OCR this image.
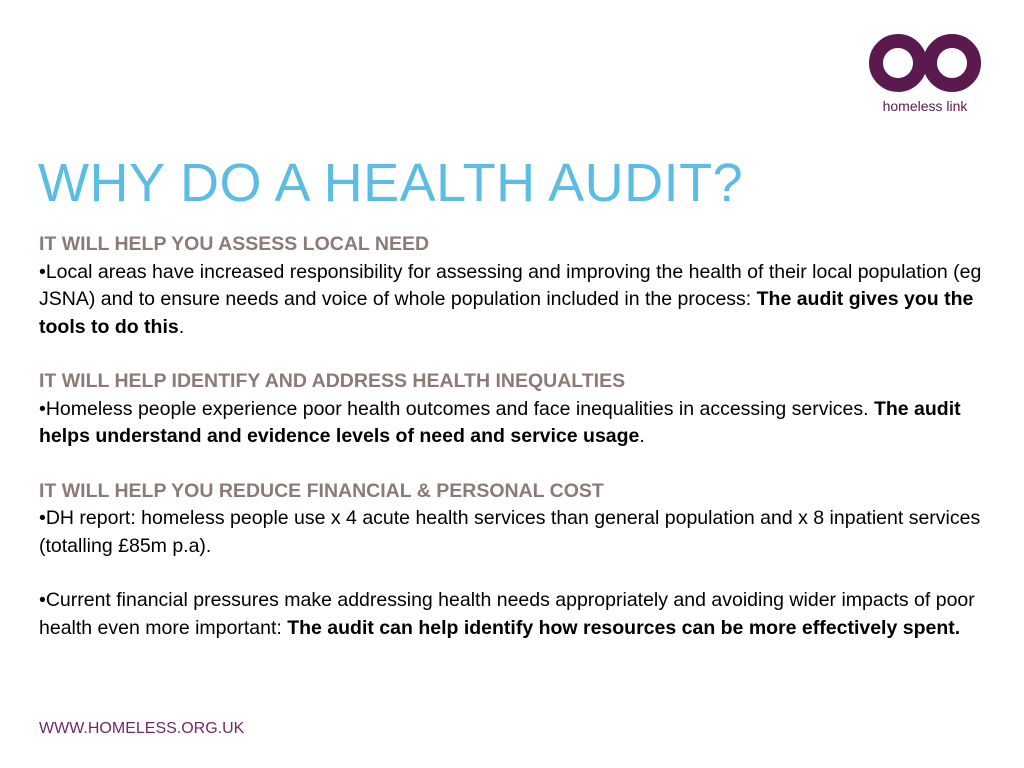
homeless link
WHY DO A HEALTH AUDIT?

IT WILL HELP YOU ASSESS LOCAL NEED

•Local areas have increased responsibility for assessing and improving the health of their local population (eg JSNA) and to ensure needs and voice of whole population included in the process: The audit gives you the tools to do this.

IT WILL HELP IDENTIFY AND ADDRESS HEALTH INEQUALTIES

•Homeless people experience poor health outcomes and face inequalities in accessing services. The audit helps understand and evidence levels of need and service usage.

IT WILL HELP YOU REDUCE FINANCIAL & PERSONAL COST

•DH report: homeless people use x 4 acute health services than general population and x 8 inpatient services (totalling £85m p.a).

•Current financial pressures make addressing health needs appropriately and avoiding wider impacts of poor health even more important: The audit can help identify how resources can be more effectively spent.

WWW.HOMELESS.ORG.UK
